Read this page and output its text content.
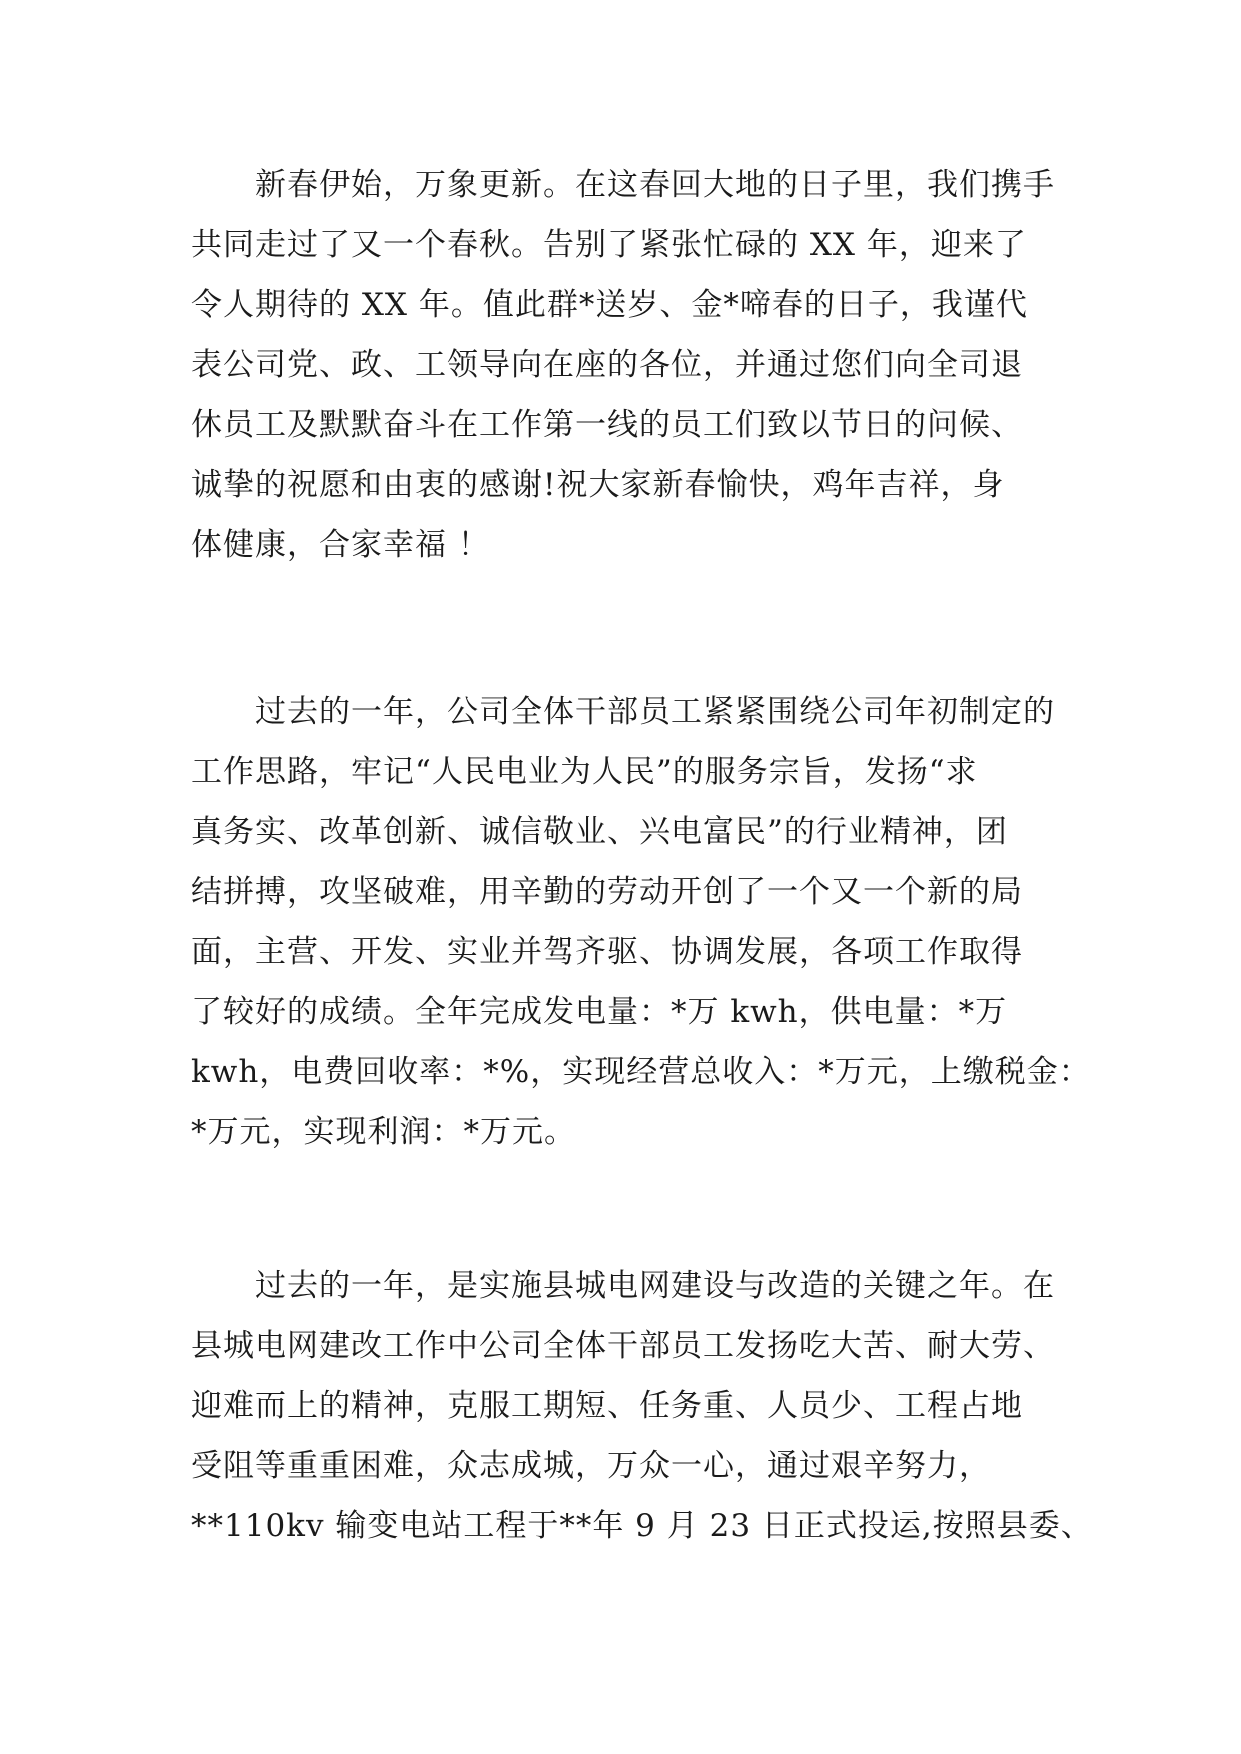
　　新春伊始，万象更新。在这春回大地的日子里，我们携手
共同走过了又一个春秋。告别了紧张忙碌的 XX 年，迎来了
令人期待的 XX 年。值此群*送岁、金*啼春的日子，我谨代
表公司党、政、工领导向在座的各位，并通过您们向全司退
休员工及默默奋斗在工作第一线的员工们致以节日的问候、
诚挚的祝愿和由衷的感谢!祝大家新春愉快，鸡年吉祥，身
体健康，合家幸福 ！
　　过去的一年，公司全体干部员工紧紧围绕公司年初制定的
工作思路，牢记“人民电业为人民”的服务宗旨，发扬“求
真务实、改革创新、诚信敬业、兴电富民”的行业精神，团
结拼搏，攻坚破难，用辛勤的劳动开创了一个又一个新的局
面，主营、开发、实业并驾齐驱、协调发展，各项工作取得
了较好的成绩。全年完成发电量：*万 kwh，供电量：*万
kwh，电费回收率：*%，实现经营总收入：*万元，上缴税金：
*万元，实现利润：*万元。
　　过去的一年，是实施县城电网建设与改造的关键之年。在
县城电网建改工作中公司全体干部员工发扬吃大苦、耐大劳、
迎难而上的精神，克服工期短、任务重、人员少、工程占地
受阻等重重困难，众志成城，万众一心，通过艰辛努力，
**110kv 输变电站工程于**年 9 月 23 日正式投运,按照县委、
